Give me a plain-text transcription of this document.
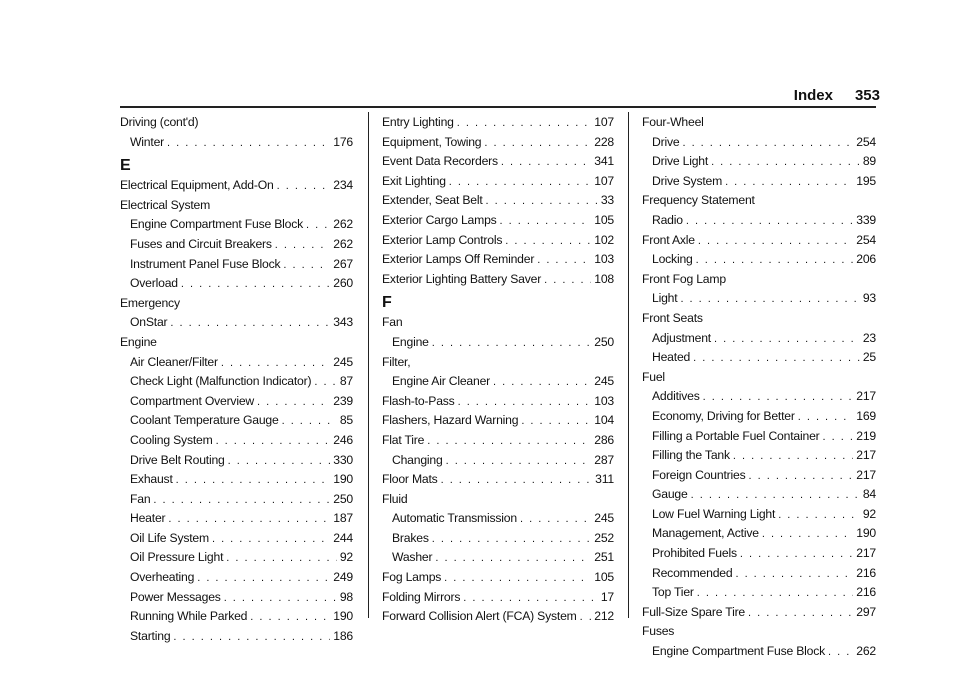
Index 353
Driving (cont'd)
Winter . . .	176
E
Electrical Equipment, Add-On . . .	234
Electrical System
Engine Compartment Fuse Block . . . 262
Fuses and Circuit Breakers . . .	262
Instrument Panel Fuse Block . . .	267
Overload . . .	260
Emergency
OnStar . . .	343
Engine
Air Cleaner/Filter . . .	245
Check Light (Malfunction Indicator) . . . 87
Compartment Overview . . .	239
Coolant Temperature Gauge . . .	85
Cooling System . . .	246
Drive Belt Routing . . .	330
Exhaust . . .	190
Fan . . .	250
Heater . . .	187
Oil Life System . . .	244
Oil Pressure Light . . .	92
Overheating . . .	249
Power Messages . . .	98
Running While Parked . . .	190
Starting . . .	186
Entry Lighting . . .	107
Equipment, Towing . . .	228
Event Data Recorders . . .	341
Exit Lighting . . .	107
Extender, Seat Belt . . .	33
Exterior Cargo Lamps . . .	105
Exterior Lamp Controls . . .	102
Exterior Lamps Off Reminder . . .	103
Exterior Lighting Battery Saver . . .	108
F
Fan
Engine . . .	250
Filter,
Engine Air Cleaner . . .	245
Flash-to-Pass . . .	103
Flashers, Hazard Warning . . .	104
Flat Tire . . .	286
Changing . . .	287
Floor Mats . . .	311
Fluid
Automatic Transmission . . .	245
Brakes . . .	252
Washer . . .	251
Fog Lamps . . .	105
Folding Mirrors . . .	17
Forward Collision Alert (FCA) System . . . 212
Four-Wheel
Drive . . .	254
Drive Light . . .	89
Drive System . . .	195
Frequency Statement
Radio . . .	339
Front Axle . . .	254
Locking . . .	206
Front Fog Lamp
Light . . .	93
Front Seats
Adjustment . . .	23
Heated . . .	25
Fuel
Additives . . .	217
Economy, Driving for Better . . .	169
Filling a Portable Fuel Container . . .	219
Filling the Tank . . .	217
Foreign Countries . . .	217
Gauge . . .	84
Low Fuel Warning Light . . .	92
Management, Active . . .	190
Prohibited Fuels . . .	217
Recommended . . .	216
Top Tier . . .	216
Full-Size Spare Tire . . .	297
Fuses
Engine Compartment Fuse Block . . .	262
